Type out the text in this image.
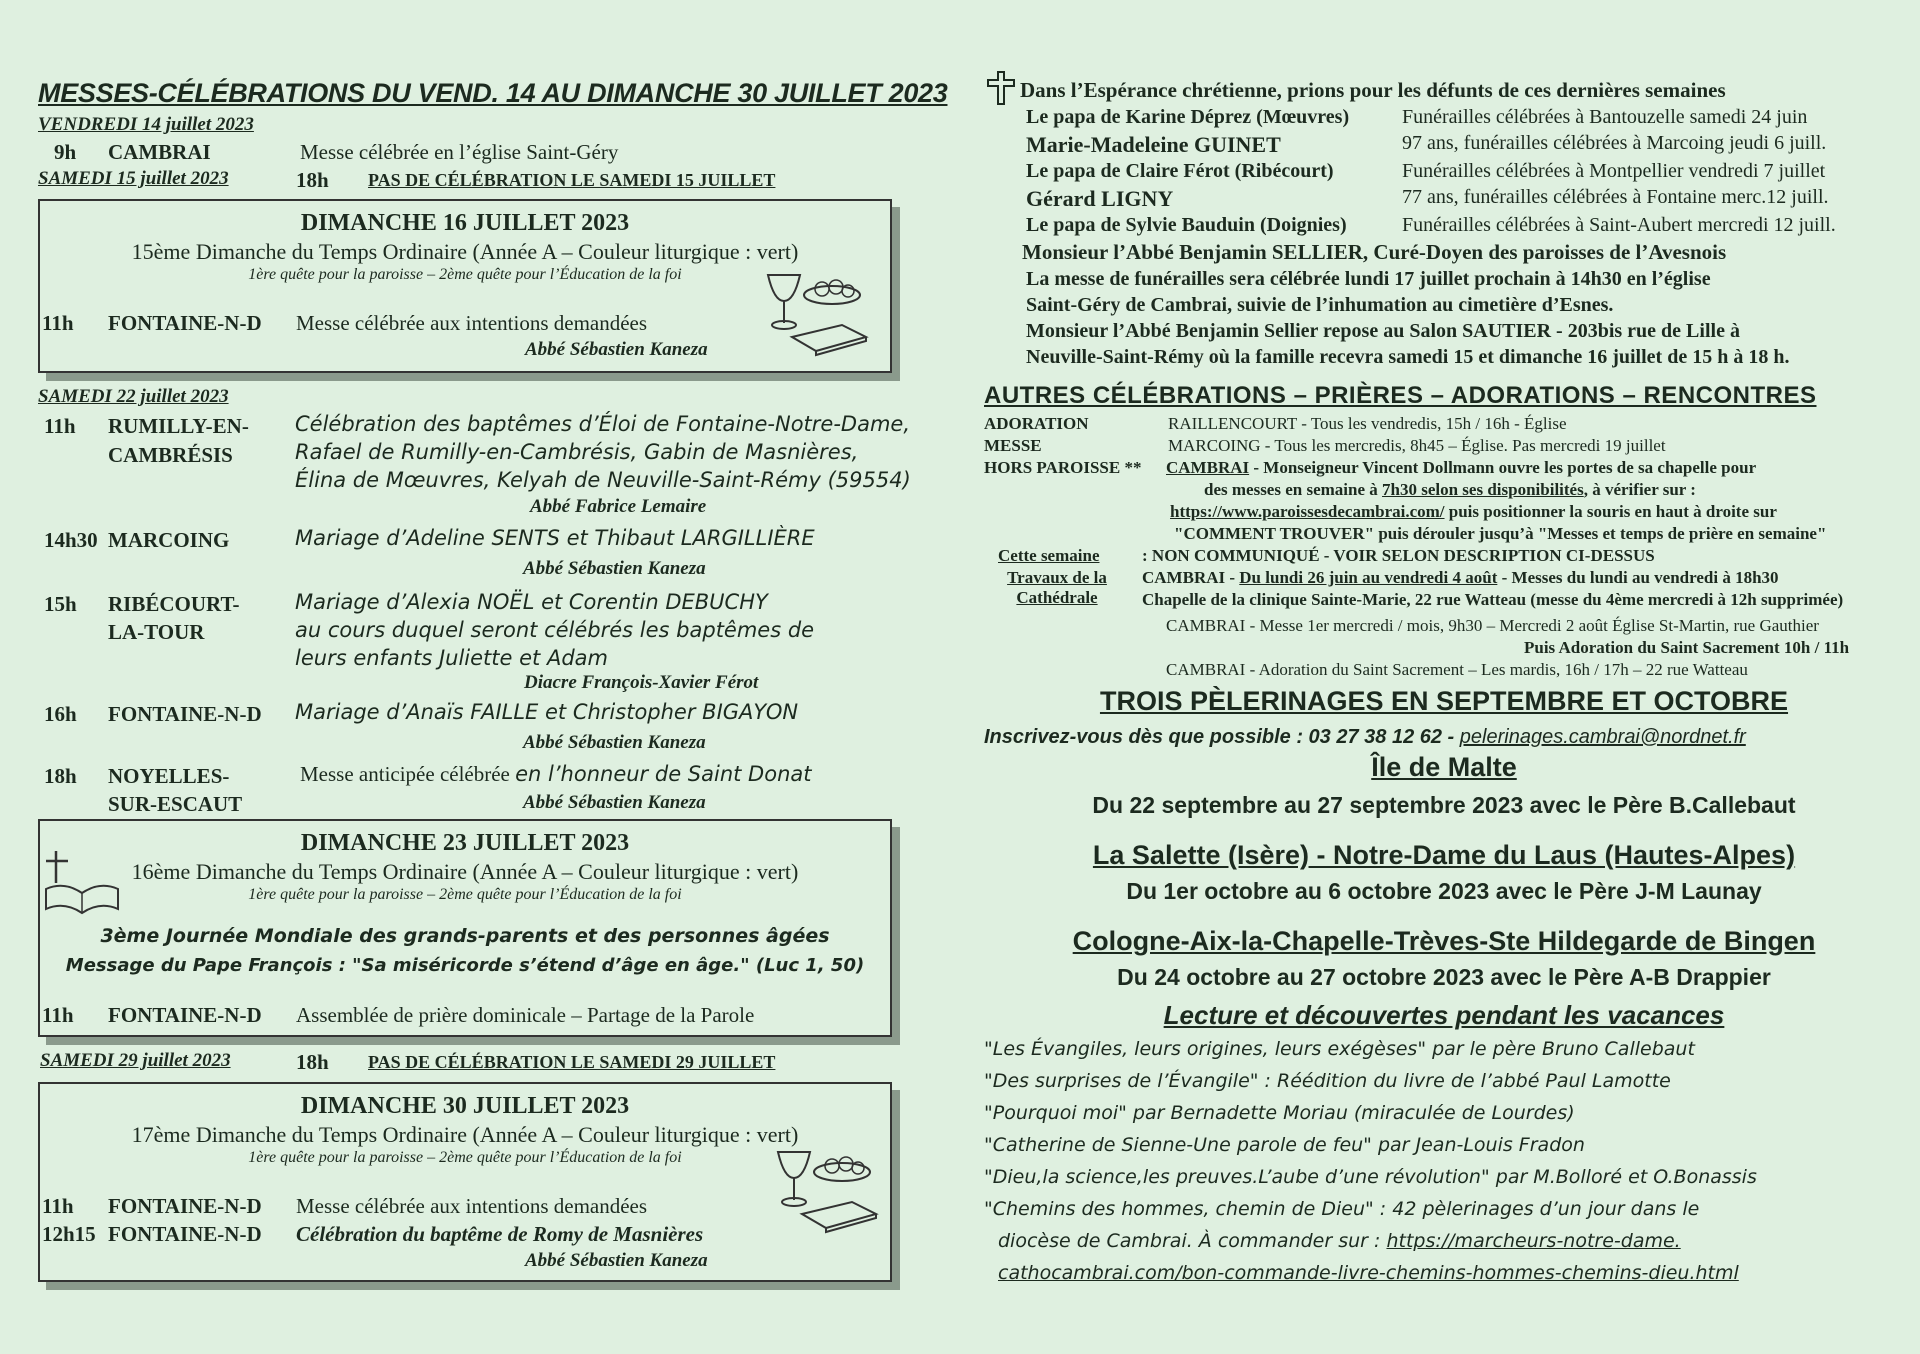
MESSES-CÉLÉBRATIONS DU VEND. 14 AU DIMANCHE 30 JUILLET 2023
VENDREDI 14 juillet 2023
9h CAMBRAI	Messe célébrée en l’église Saint-Géry
SAMEDI 15 juillet 2023	18h PAS DE CÉLÉBRATION LE SAMEDI 15 JUILLET
DIMANCHE 16 JUILLET 2023
15ème Dimanche du Temps Ordinaire (Année A – Couleur liturgique : vert)
1ère quête pour la paroisse – 2ème quête pour l’Éducation de la foi
11h FONTAINE-N-D Messe célébrée aux intentions demandées
Abbé Sébastien Kaneza
SAMEDI 22 juillet 2023
11h RUMILLY-EN-
CAMBRÉSIS
Célébration des baptêmes d’Éloi de Fontaine-Notre-Dame,
Rafael de Rumilly-en-Cambrésis, Gabin de Masnières,
Élina de Mœuvres, Kelyah de Neuville-Saint-Rémy (59554)
Abbé Fabrice Lemaire
14h30 MARCOING	Mariage d’Adeline SENTS et Thibaut LARGILLIÈRE
Abbé Sébastien Kaneza
15h RIBÉCOURT-
LA-TOUR
Mariage d’Alexia NOËL et Corentin DEBUCHY
au cours duquel seront célébrés les baptêmes de
leurs enfants Juliette et Adam
Diacre François-Xavier Férot
16h FONTAINE-N-D Mariage d’Anaïs FAILLE et Christopher BIGAYON
Abbé Sébastien Kaneza
18h NOYELLES-
SUR-ESCAUT
Messe anticipée célébrée en l’honneur de Saint Donat
Abbé Sébastien Kaneza
DIMANCHE 23 JUILLET 2023
16ème Dimanche du Temps Ordinaire (Année A – Couleur liturgique : vert)
1ère quête pour la paroisse – 2ème quête pour l’Éducation de la foi
3ème Journée Mondiale des grands-parents et des personnes âgées
Message du Pape François : "Sa miséricorde s’étend d’âge en âge." (Luc 1, 50)
11h FONTAINE-N-D Assemblée de prière dominicale – Partage de la Parole
SAMEDI 29 juillet 2023	18h PAS DE CÉLÉBRATION LE SAMEDI 29 JUILLET
DIMANCHE 30 JUILLET 2023
17ème Dimanche du Temps Ordinaire (Année A – Couleur liturgique : vert)
1ère quête pour la paroisse – 2ème quête pour l’Éducation de la foi
11h FONTAINE-N-D Messe célébrée aux intentions demandées
12h15 FONTAINE-N-D Célébration du baptême de Romy de Masnières
Abbé Sébastien Kaneza
Dans l’Espérance chrétienne, prions pour les défunts de ces dernières semaines
Le papa de Karine Déprez (Mœuvres)	Funérailles célébrées à Bantouzelle samedi 24 juin
Marie-Madeleine GUINET	97 ans, funérailles célébrées à Marcoing jeudi 6 juill.
Le papa de Claire Férot (Ribécourt)	Funérailles célébrées à Montpellier vendredi 7 juillet
Gérard LIGNY	77 ans, funérailles célébrées à Fontaine merc.12 juill.
Le papa de Sylvie Bauduin (Doignies)	Funérailles célébrées à Saint-Aubert mercredi 12 juill.
Monsieur l’Abbé Benjamin SELLIER, Curé-Doyen des paroisses de l’Avesnois
La messe de funérailles sera célébrée lundi 17 juillet prochain à 14h30 en l’église
Saint-Géry de Cambrai, suivie de l’inhumation au cimetière d’Esnes.
Monsieur l’Abbé Benjamin Sellier repose au Salon SAUTIER - 203bis rue de Lille à
Neuville-Saint-Rémy où la famille recevra samedi 15 et dimanche 16 juillet de 15 h à 18 h.
AUTRES CÉLÉBRATIONS – PRIÈRES – ADORATIONS – RENCONTRES
ADORATION	RAILLENCOURT - Tous les vendredis, 15h / 16h - Église
MESSE	MARCOING - Tous les mercredis, 8h45 – Église. Pas mercredi 19 juillet
HORS PAROISSE ** CAMBRAI - Monseigneur Vincent Dollmann ouvre les portes de sa chapelle pour
des messes en semaine à 7h30 selon ses disponibilités, à vérifier sur :
https://www.paroissesdecambrai.com/ puis positionner la souris en haut à droite sur
"COMMENT TROUVER" puis dérouler jusqu’à "Messes et temps de prière en semaine"
Cette semaine	: NON COMMUNIQUÉ - VOIR SELON DESCRIPTION CI-DESSUS
Travaux de la
Cathédrale
CAMBRAI - Du lundi 26 juin au vendredi 4 août - Messes du lundi au vendredi à 18h30
Chapelle de la clinique Sainte-Marie, 22 rue Watteau (messe du 4ème mercredi à 12h supprimée)
CAMBRAI - Messe 1er mercredi / mois, 9h30 – Mercredi 2 août Église St-Martin, rue Gauthier
Puis Adoration du Saint Sacrement 10h / 11h
CAMBRAI - Adoration du Saint Sacrement – Les mardis, 16h / 17h – 22 rue Watteau
TROIS PÈLERINAGES EN SEPTEMBRE ET OCTOBRE
Inscrivez-vous dès que possible : 03 27 38 12 62 - pelerinages.cambrai@nordnet.fr
Île de Malte
Du 22 septembre au 27 septembre 2023 avec le Père B.Callebaut
La Salette (Isère) - Notre-Dame du Laus (Hautes-Alpes)
Du 1er octobre au 6 octobre 2023 avec le Père J-M Launay
Cologne-Aix-la-Chapelle-Trèves-Ste Hildegarde de Bingen
Du 24 octobre au 27 octobre 2023 avec le Père A-B Drappier
Lecture et découvertes pendant les vacances
"Les Évangiles, leurs origines, leurs exégèses" par le père Bruno Callebaut
"Des surprises de l’Évangile" : Réédition du livre de l’abbé Paul Lamotte
"Pourquoi moi" par Bernadette Moriau (miraculée de Lourdes)
"Catherine de Sienne-Une parole de feu" par Jean-Louis Fradon
"Dieu,la science,les preuves.L’aube d’une révolution" par M.Bolloré et O.Bonassis
"Chemins des hommes, chemin de Dieu" : 42 pèlerinages d’un jour dans le
diocèse de Cambrai. À commander sur : https://marcheurs-notre-dame.
cathocambrai.com/bon-commande-livre-chemins-hommes-chemins-dieu.html
